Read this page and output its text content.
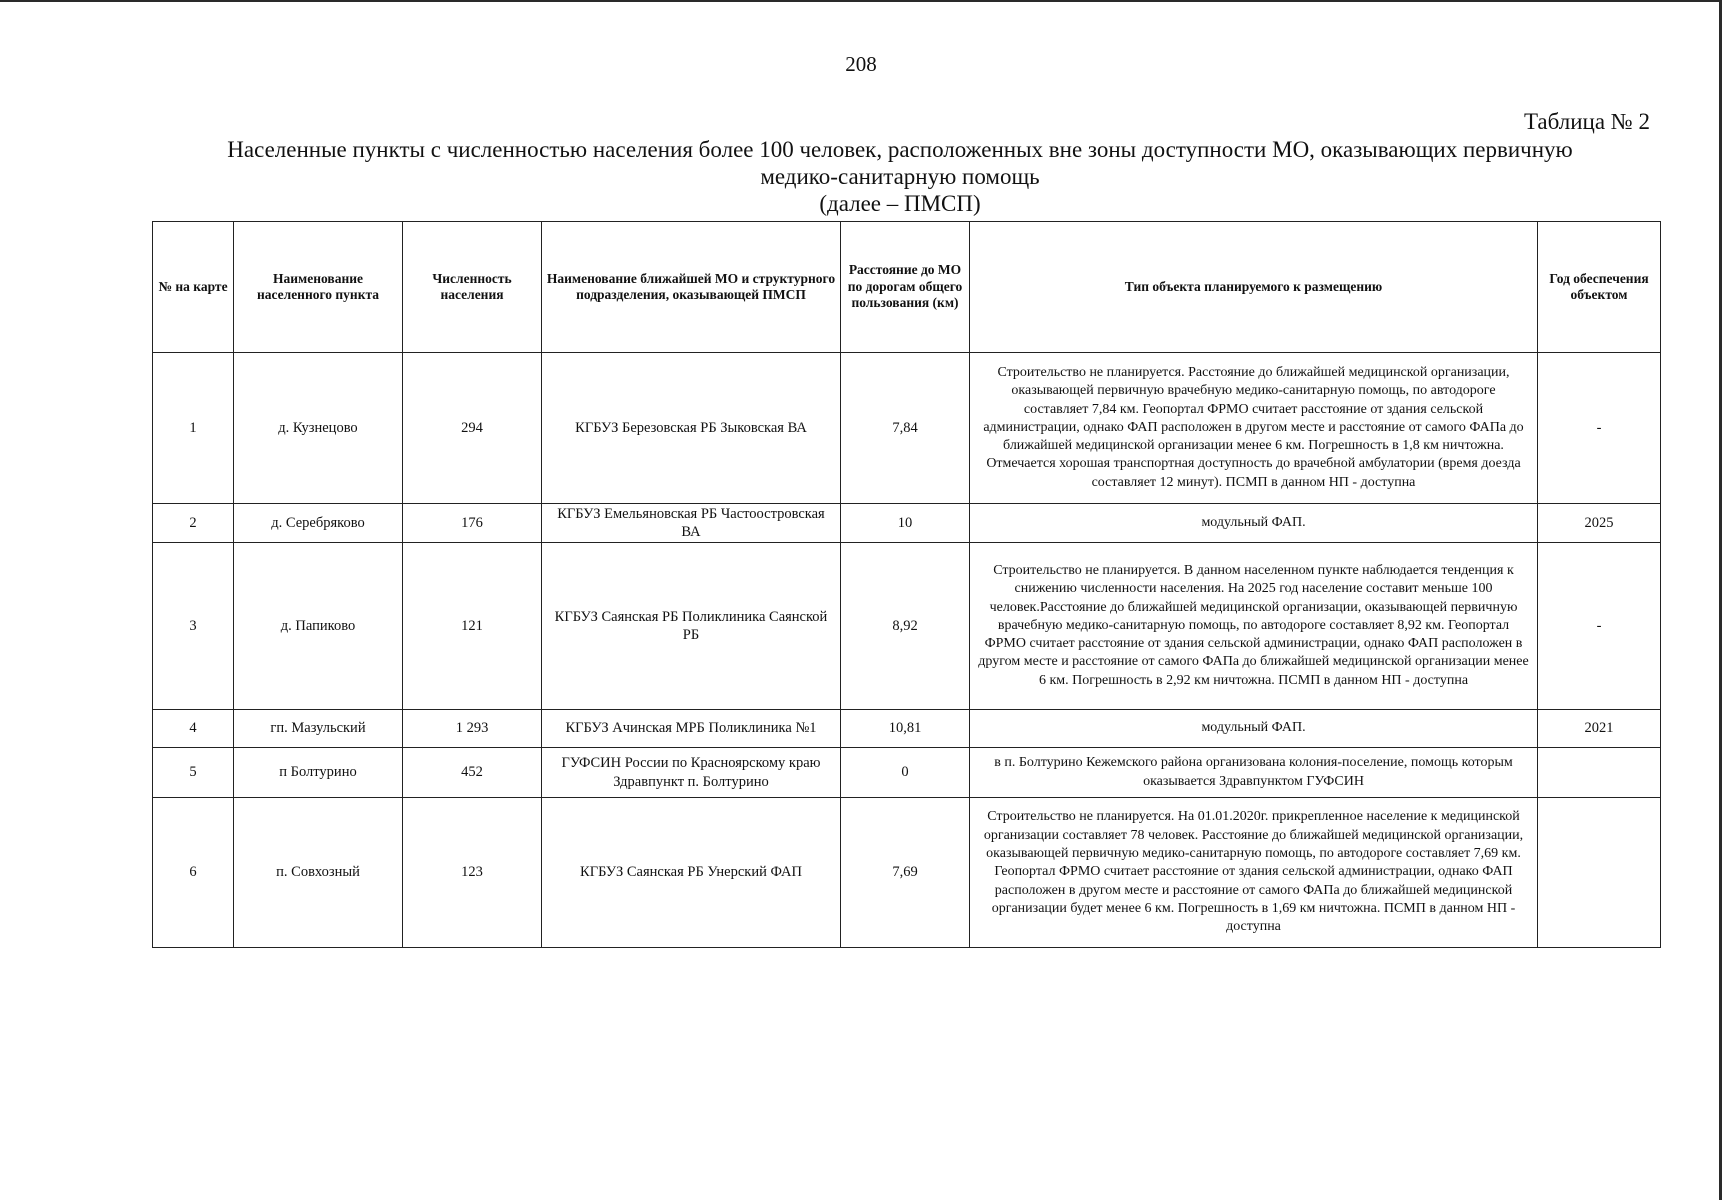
208
Таблица № 2
Населенные пункты с численностью населения более 100 человек, расположенных вне зоны доступности МО, оказывающих первичную
медико-санитарную помощь
(далее – ПМСП)
№ на карте	Наименование населенного пункта	Численность населения	Наименование ближайшей МО и структурного подразделения, оказывающей ПМСП	Расстояние до МО по дорогам общего пользования (км)	Тип объекта планируемого к размещению	Год обеспечения объектом
1	д. Кузнецово	294	КГБУЗ Березовская РБ Зыковская ВА	7,84	Строительство не планируется. Расстояние до ближайшей медицинской организации, оказывающей первичную врачебную медико-санитарную помощь, по автодороге составляет 7,84 км. Геопортал ФРМО считает расстояние от здания сельской администрации, однако ФАП расположен в другом месте и расстояние от самого ФАПа до ближайшей медицинской организации менее 6 км. Погрешность в 1,8 км ничтожна. Отмечается хорошая транспортная доступность до врачебной амбулатории (время доезда составляет 12 минут). ПСМП в данном НП - доступна	-
2	д. Серебряково	176	КГБУЗ Емельяновская РБ Частоостровская ВА	10	модульный ФАП.	2025
3	д. Папиково	121	КГБУЗ Саянская РБ Поликлиника Саянской РБ	8,92	Строительство не планируется. В данном населенном пункте наблюдается тенденция к снижению численности населения. На 2025 год население составит меньше 100 человек.Расстояние до ближайшей медицинской организации, оказывающей первичную врачебную медико-санитарную помощь, по автодороге составляет 8,92 км. Геопортал ФРМО считает расстояние от здания сельской администрации, однако ФАП расположен в другом месте и расстояние от самого ФАПа до ближайшей медицинской организации менее 6 км. Погрешность в 2,92 км ничтожна. ПСМП в данном НП - доступна	-
4	гп. Мазульский	1 293	КГБУЗ Ачинская МРБ Поликлиника №1	10,81	модульный ФАП.	2021
5	п Болтурино	452	ГУФСИН России по Красноярскому краю Здравпункт п. Болтурино	0	в п. Болтурино Кежемского района организована колония-поселение, помощь которым оказывается Здравпунктом ГУФСИН	
6	п. Совхозный	123	КГБУЗ Саянская РБ Унерский ФАП	7,69	Строительство не планируется. На 01.01.2020г. прикрепленное население к медицинской организации составляет 78 человек. Расстояние до ближайшей медицинской организации, оказывающей первичную медико-санитарную помощь, по автодороге составляет 7,69 км. Геопортал ФРМО считает расстояние от здания сельской администрации, однако ФАП расположен в другом месте и расстояние от самого ФАПа до ближайшей медицинской организации будет менее 6 км. Погрешность в 1,69 км ничтожна. ПСМП в данном НП - доступна	
